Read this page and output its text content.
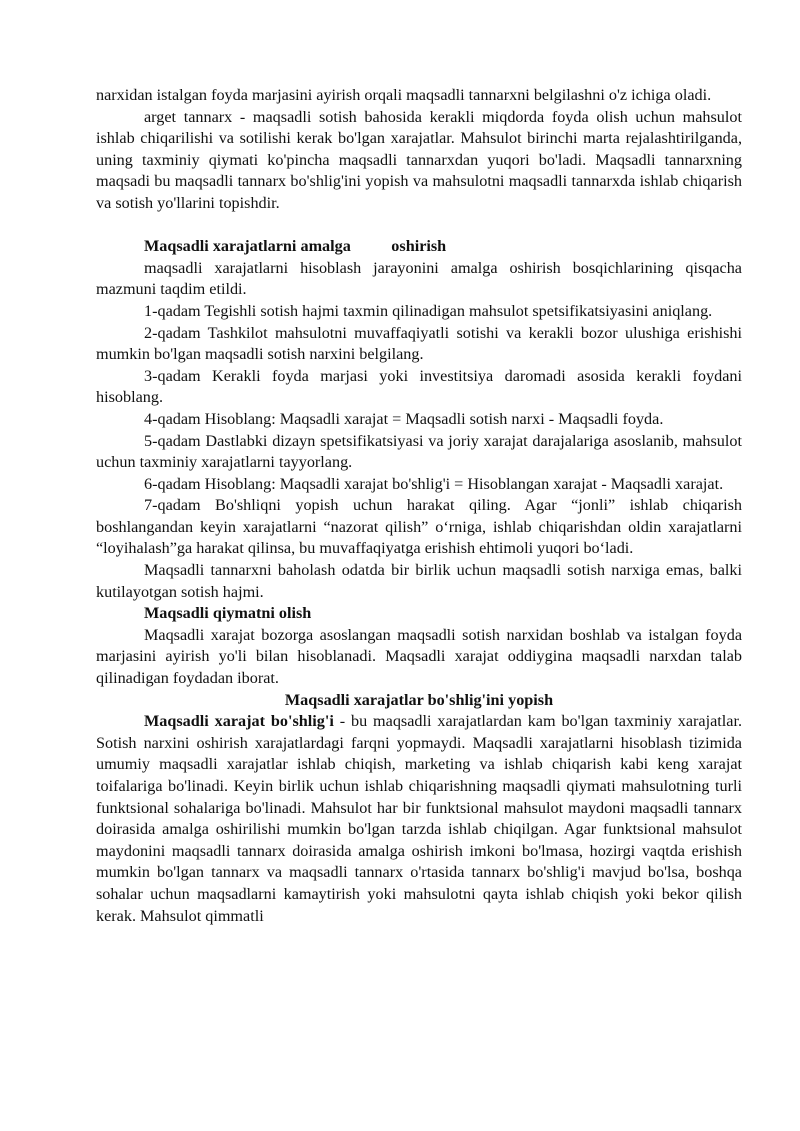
narxidan istalgan foyda marjasini ayirish orqali maqsadli tannarxni belgilashni o'z ichiga oladi.

arget tannarx - maqsadli sotish bahosida kerakli miqdorda foyda olish uchun mahsulot ishlab chiqarilishi va sotilishi kerak bo'lgan xarajatlar. Mahsulot birinchi marta rejalashtirilganda, uning taxminiy qiymati ko'pincha maqsadli tannarxdan yuqori bo'ladi. Maqsadli tannarxning maqsadi bu maqsadli tannarx bo'shlig'ini yopish va mahsulotni maqsadli tannarxda ishlab chiqarish va sotish yo'llarini topishdir.

Maqsadli xarajatlarni amalga          oshirish

maqsadli xarajatlarni hisoblash jarayonini amalga oshirish bosqichlarining qisqacha mazmuni taqdim etildi.

1-qadam Tegishli sotish hajmi taxmin qilinadigan mahsulot spetsifikatsiyasini aniqlang.

2-qadam Tashkilot mahsulotni muvaffaqiyatli sotishi va kerakli bozor ulushiga erishishi mumkin bo'lgan maqsadli sotish narxini belgilang.

3-qadam Kerakli foyda marjasi yoki investitsiya daromadi asosida kerakli foydani hisoblang.

4-qadam Hisoblang: Maqsadli xarajat = Maqsadli sotish narxi - Maqsadli foyda.

5-qadam Dastlabki dizayn spetsifikatsiyasi va joriy xarajat darajalariga asoslanib, mahsulot uchun taxminiy xarajatlarni tayyorlang.

6-qadam Hisoblang: Maqsadli xarajat bo'shlig'i = Hisoblangan xarajat - Maqsadli xarajat.

7-qadam Bo'shliqni yopish uchun harakat qiling. Agar “jonli” ishlab chiqarish boshlangandan keyin xarajatlarni “nazorat qilish” o‘rniga, ishlab chiqarishdan oldin xarajatlarni “loyihalash”ga harakat qilinsa, bu muvaffaqiyatga erishish ehtimoli yuqori bo‘ladi.

Maqsadli tannarxni baholash odatda bir birlik uchun maqsadli sotish narxiga emas, balki kutilayotgan sotish hajmi.

Maqsadli qiymatni olish

Maqsadli xarajat bozorga asoslangan maqsadli sotish narxidan boshlab va istalgan foyda marjasini ayirish yo'li bilan hisoblanadi. Maqsadli xarajat oddiygina maqsadli narxdan talab qilinadigan foydadan iborat.

Maqsadli xarajatlar bo'shlig'ini yopish

Maqsadli xarajat bo'shlig'i - bu maqsadli xarajatlardan kam bo'lgan taxminiy xarajatlar. Sotish narxini oshirish xarajatlardagi farqni yopmaydi. Maqsadli xarajatlarni hisoblash tizimida umumiy maqsadli xarajatlar ishlab chiqish, marketing va ishlab chiqarish kabi keng xarajat toifalariga bo'linadi. Keyin birlik uchun ishlab chiqarishning maqsadli qiymati mahsulotning turli funktsional sohalariga bo'linadi. Mahsulot har bir funktsional mahsulot maydoni maqsadli tannarx doirasida amalga oshirilishi mumkin bo'lgan tarzda ishlab chiqilgan. Agar funktsional mahsulot maydonini maqsadli tannarx doirasida amalga oshirish imkoni bo'lmasa, hozirgi vaqtda erishish mumkin bo'lgan tannarx va maqsadli tannarx o'rtasida tannarx bo'shlig'i mavjud bo'lsa, boshqa sohalar uchun maqsadlarni kamaytirish yoki mahsulotni qayta ishlab chiqish yoki bekor qilish kerak. Mahsulot qimmatli
